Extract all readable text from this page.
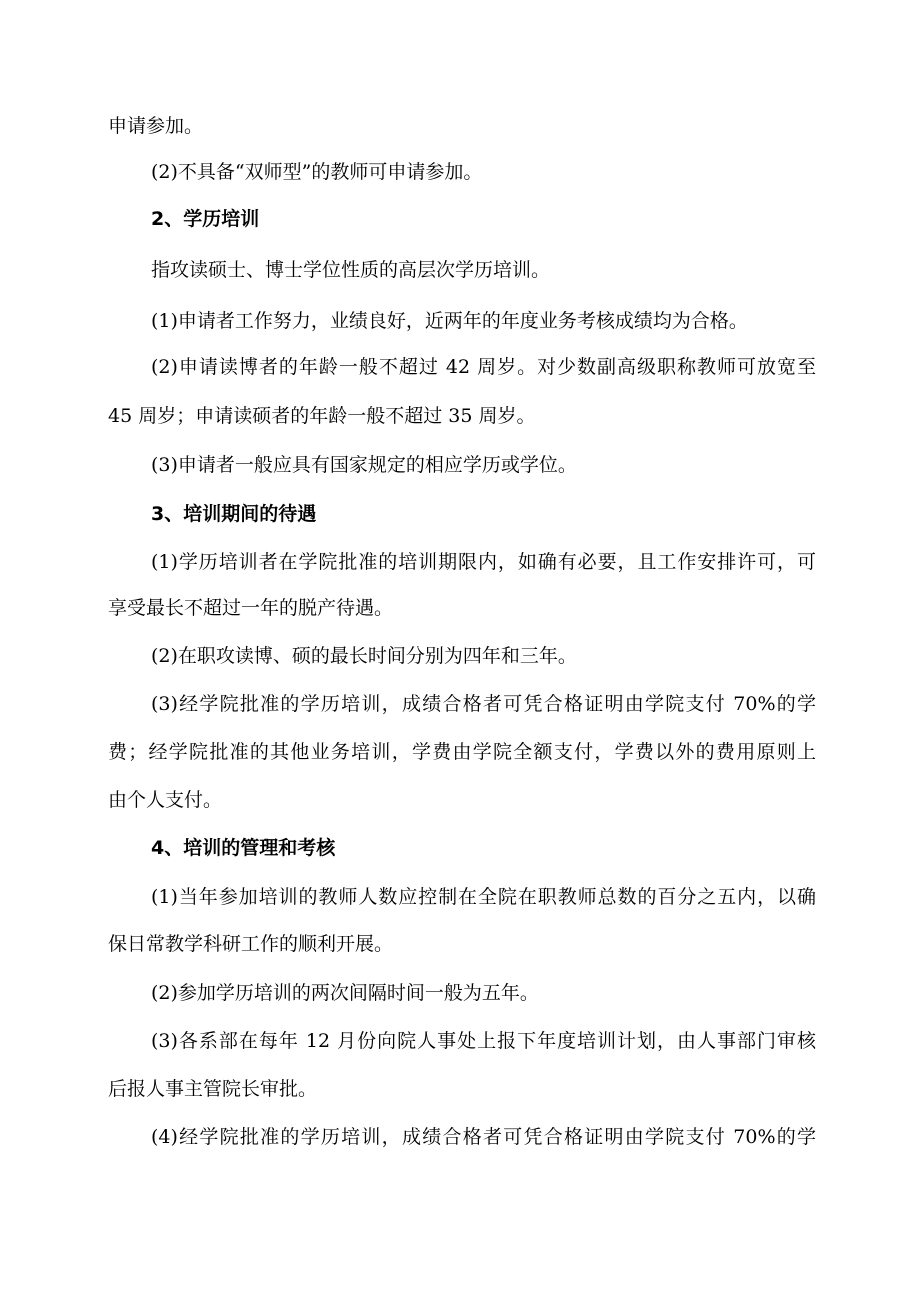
申请参加。

(2)不具备“双师型”的教师可申请参加。

2、学历培训

指攻读硕士、博士学位性质的高层次学历培训。

(1)申请者工作努力，业绩良好，近两年的年度业务考核成绩均为合格。

(2)申请读博者的年龄一般不超过 42 周岁。对少数副高级职称教师可放宽至

45 周岁；申请读硕者的年龄一般不超过 35 周岁。

(3)申请者一般应具有国家规定的相应学历或学位。

3、培训期间的待遇

(1)学历培训者在学院批准的培训期限内，如确有必要，且工作安排许可，可

享受最长不超过一年的脱产待遇。

(2)在职攻读博、硕的最长时间分别为四年和三年。

(3)经学院批准的学历培训，成绩合格者可凭合格证明由学院支付 70%的学

费；经学院批准的其他业务培训，学费由学院全额支付，学费以外的费用原则上

由个人支付。

4、培训的管理和考核

(1)当年参加培训的教师人数应控制在全院在职教师总数的百分之五内，以确

保日常教学科研工作的顺利开展。

(2)参加学历培训的两次间隔时间一般为五年。

(3)各系部在每年 12 月份向院人事处上报下年度培训计划，由人事部门审核

后报人事主管院长审批。

(4)经学院批准的学历培训，成绩合格者可凭合格证明由学院支付 70%的学
